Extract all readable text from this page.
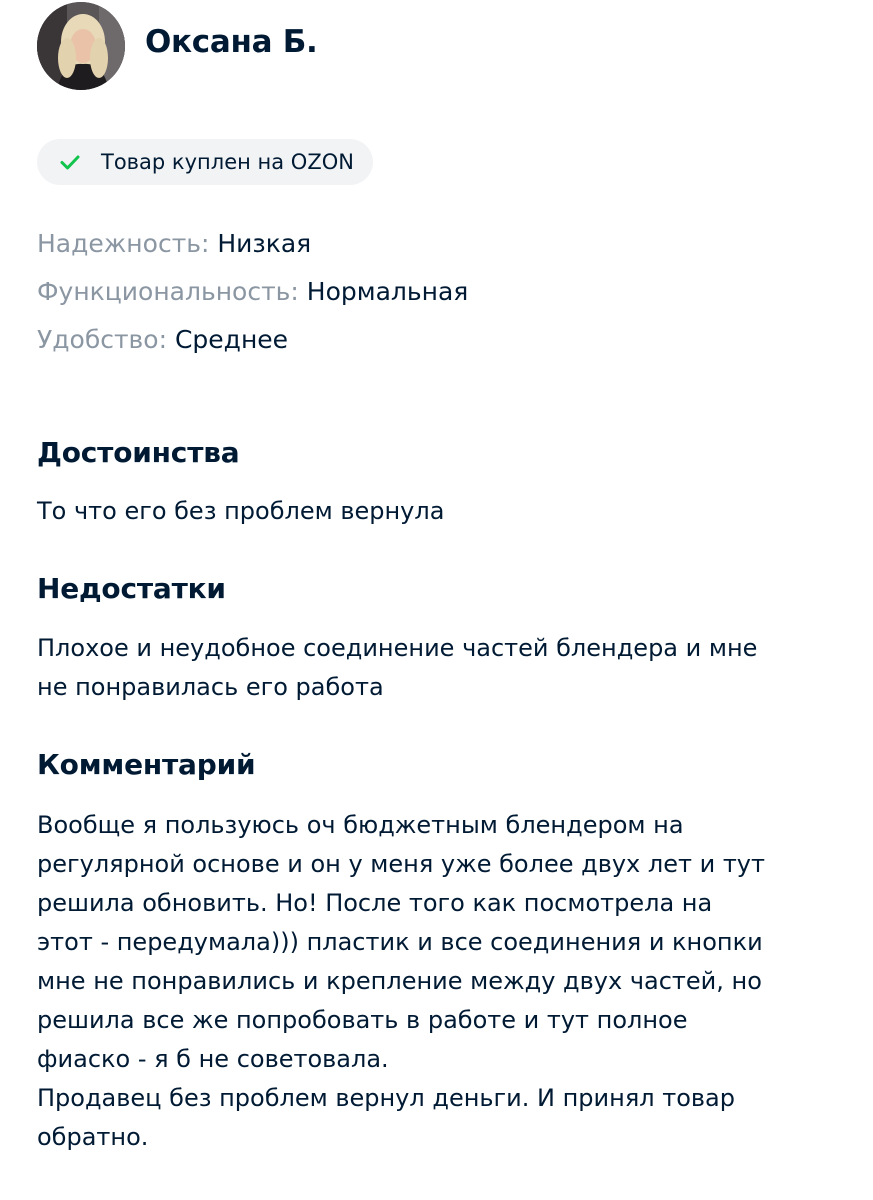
Оксана Б.
Товар куплен на OZON
Надежность: Низкая
Функциональность: Нормальная
Удобство: Среднее
Достоинства

То что его без проблем вернула

Недостатки

Плохое и неудобное соединение частей блендера и мне
не понравилась его работа

Комментарий

Вообще я пользуюсь оч бюджетным блендером на
регулярной основе и он у меня уже более двух лет и тут
решила обновить. Но! После того как посмотрела на
этот - передумала))) пластик и все соединения и кнопки
мне не понравились и крепление между двух частей, но
решила все же попробовать в работе и тут полное
фиаско - я б не советовала.
Продавец без проблем вернул деньги. И принял товар
обратно.
